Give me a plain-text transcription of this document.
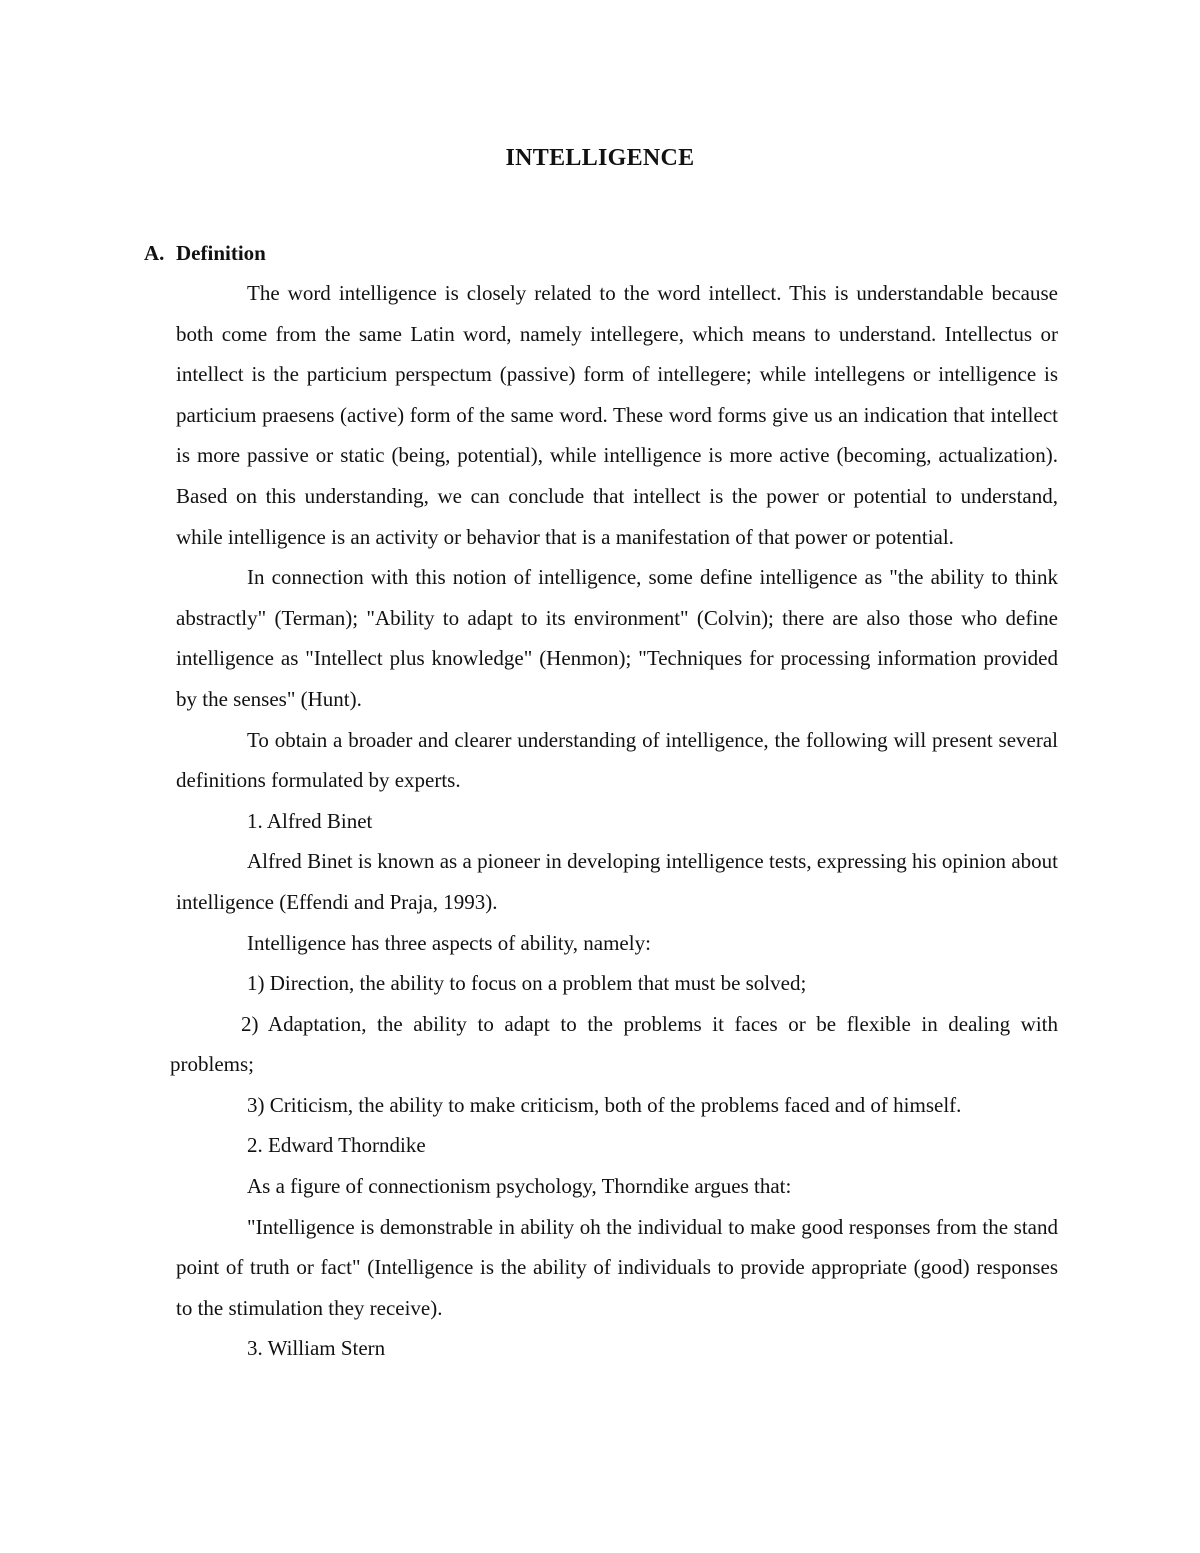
INTELLIGENCE
A. Definition

The word intelligence is closely related to the word intellect. This is understandable because both come from the same Latin word, namely intellegere, which means to understand. Intellectus or intellect is the particium perspectum (passive) form of intellegere; while intellegens or intelligence is particium praesens (active) form of the same word. These word forms give us an indication that intellect is more passive or static (being, potential), while intelligence is more active (becoming, actualization). Based on this understanding, we can conclude that intellect is the power or potential to understand, while intelligence is an activity or behavior that is a manifestation of that power or potential.

In connection with this notion of intelligence, some define intelligence as "the ability to think abstractly" (Terman); "Ability to adapt to its environment" (Colvin); there are also those who define intelligence as "Intellect plus knowledge" (Henmon); "Techniques for processing information provided by the senses" (Hunt).

To obtain a broader and clearer understanding of intelligence, the following will present several definitions formulated by experts.

1. Alfred Binet

Alfred Binet is known as a pioneer in developing intelligence tests, expressing his opinion about intelligence (Effendi and Praja, 1993).

Intelligence has three aspects of ability, namely:

1) Direction, the ability to focus on a problem that must be solved;

2) Adaptation, the ability to adapt to the problems it faces or be flexible in dealing with problems;

3) Criticism, the ability to make criticism, both of the problems faced and of himself.

2. Edward Thorndike

As a figure of connectionism psychology, Thorndike argues that:

"Intelligence is demonstrable in ability oh the individual to make good responses from the stand point of truth or fact" (Intelligence is the ability of individuals to provide appropriate (good) responses to the stimulation they receive).

3. William Stern
